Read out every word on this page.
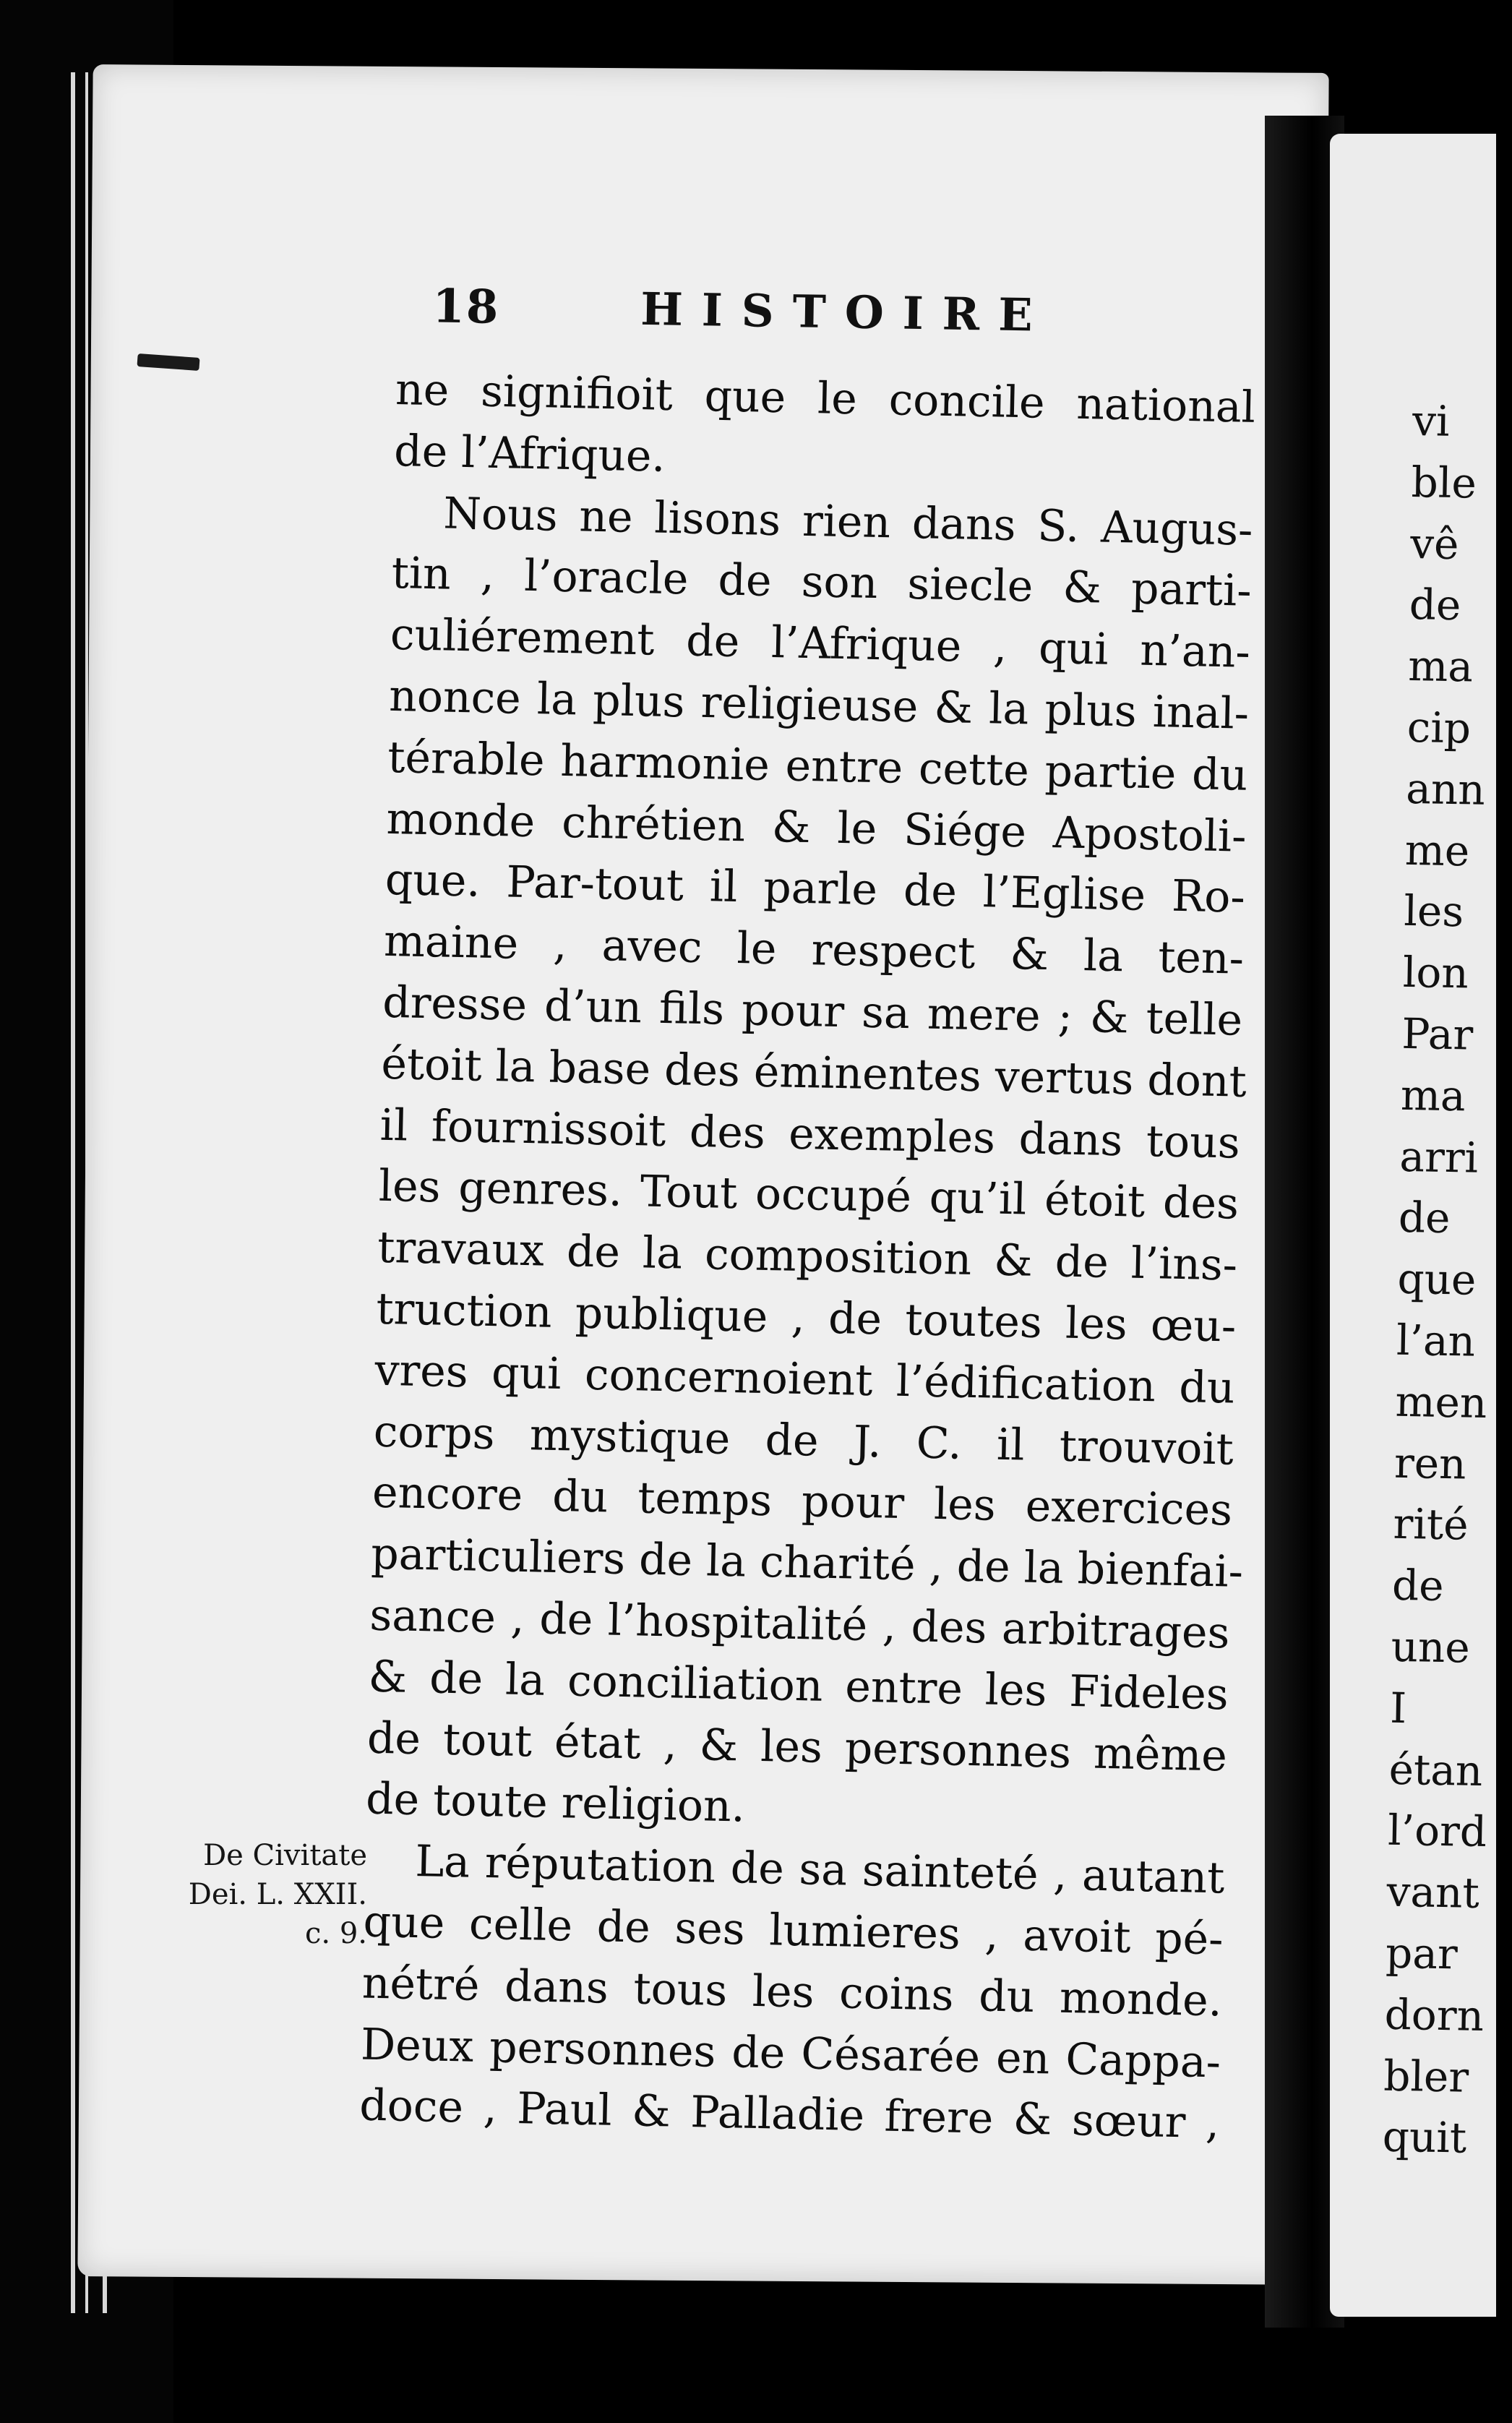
18	HISTOIRE
ne signifioit que le concile national
de l’Afrique.
Nous ne lisons rien dans S. Augus-
tin , l’oracle de son siecle & parti-
culiérement de l’Afrique , qui n’an-
nonce la plus religieuse & la plus inal-
térable harmonie entre cette partie du
monde chrétien & le Siége Apostoli-
que. Par-tout il parle de l’Eglise Ro-
maine , avec le respect & la ten-
dresse d’un fils pour sa mere ; & telle
étoit la base des éminentes vertus dont
il fournissoit des exemples dans tous
les genres. Tout occupé qu’il étoit des
travaux de la composition & de l’ins-
truction publique , de toutes les œu-
vres qui concernoient l’édification du
corps mystique de J. C. il trouvoit
encore du temps pour les exercices
particuliers de la charité , de la bienfai-
sance , de l’hospitalité , des arbitrages
& de la conciliation entre les Fideles
de tout état , & les personnes même
de toute religion.
La réputation de sa sainteté , autant
que celle de ses lumieres , avoit pé-
nétré dans tous les coins du monde.
Deux personnes de Césarée en Cappa-
doce , Paul & Palladie frere & sœur ,
De Civitate
Dei. L. XXII.
c. 9.
vi
ble
vê
de
ma
cip
ann
me
les
lon
Par
ma
arri
de
que
l’an
men
ren
rité
de
une
I
étan
l’ord
vant
par
dorn
bler
quit
